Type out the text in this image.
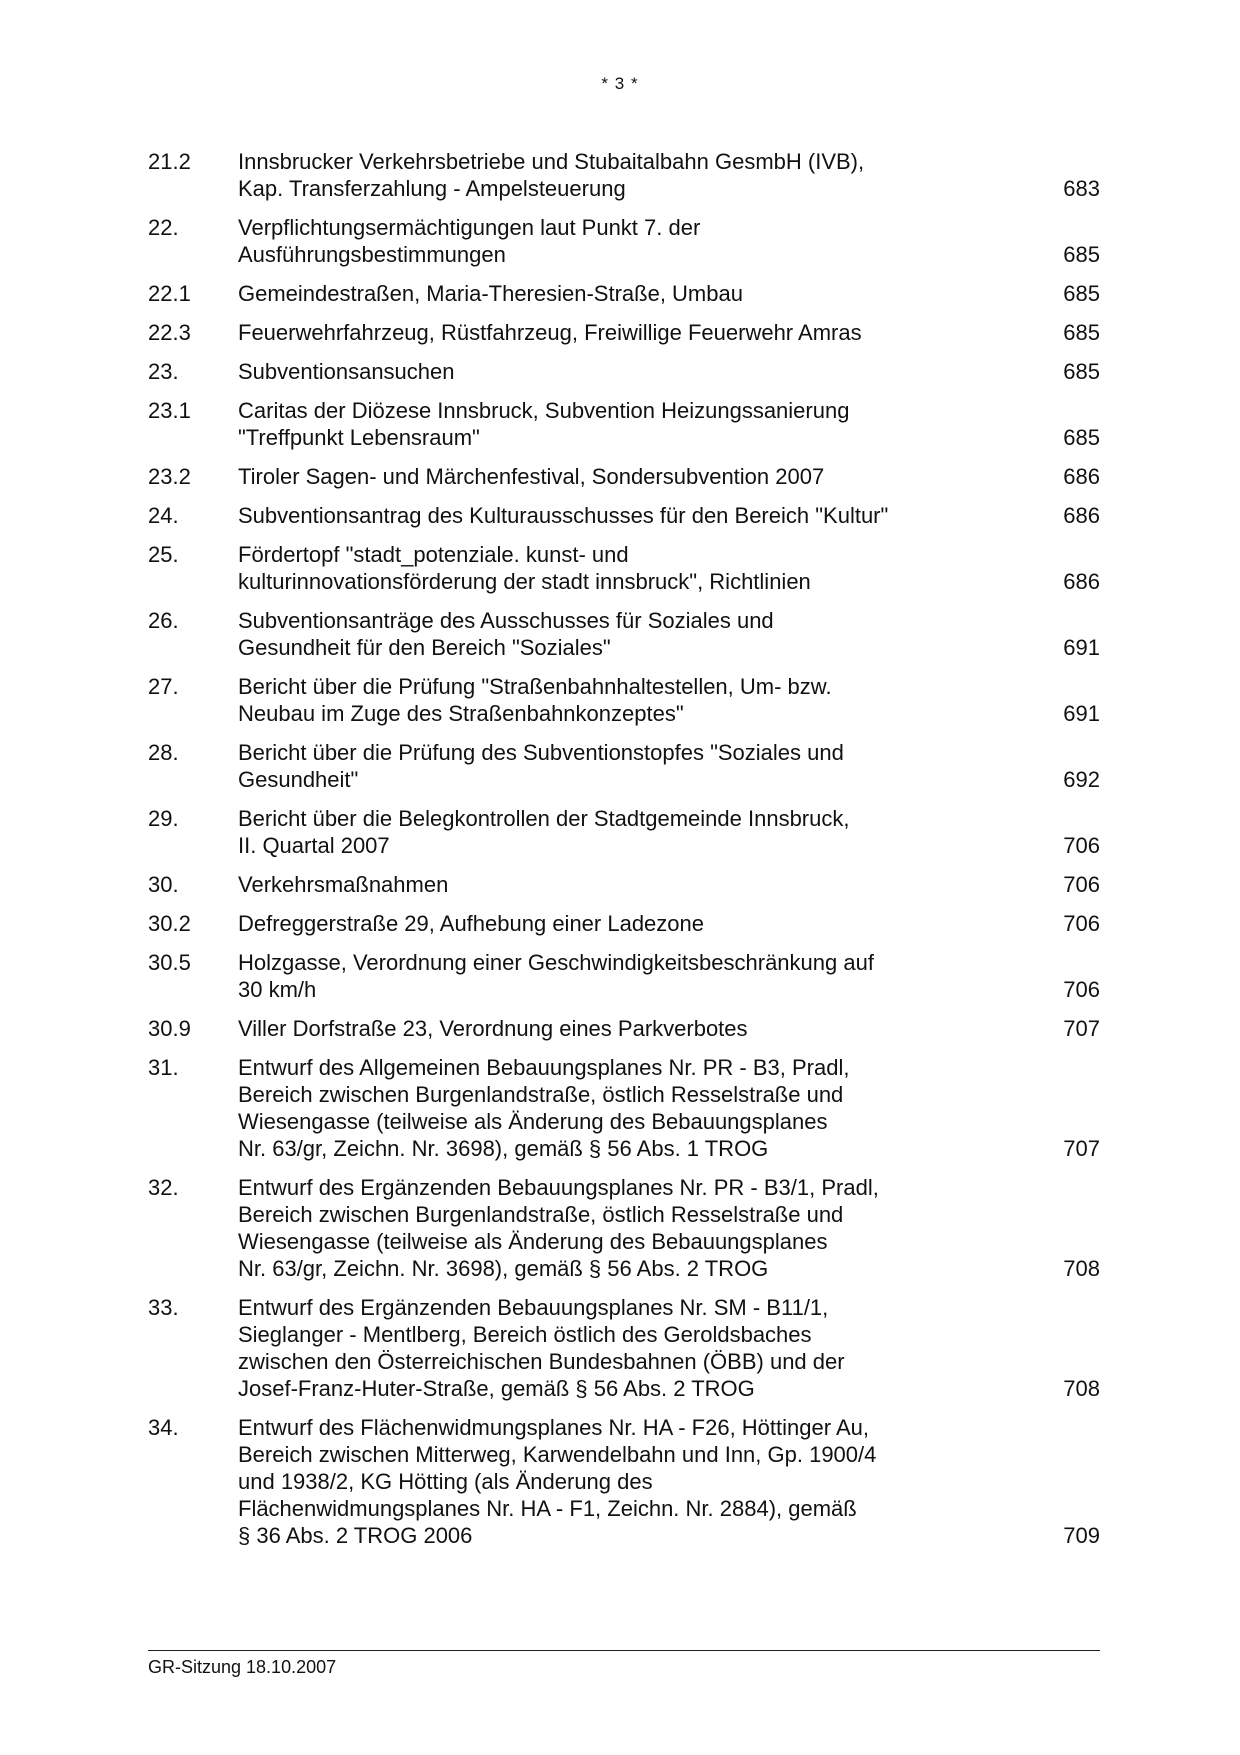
* 3 *
21.2	Innsbrucker Verkehrsbetriebe und Stubaitalbahn GesmbH (IVB),
Kap. Transferzahlung - Ampelsteuerung	683
22.	Verpflichtungsermächtigungen laut Punkt 7. der
Ausführungsbestimmungen	685
22.1	Gemeindestraßen, Maria-Theresien-Straße, Umbau	685
22.3	Feuerwehrfahrzeug, Rüstfahrzeug, Freiwillige Feuerwehr Amras	685
23.	Subventionsansuchen	685
23.1	Caritas der Diözese Innsbruck, Subvention Heizungssanierung
"Treffpunkt Lebensraum"	685
23.2	Tiroler Sagen- und Märchenfestival, Sondersubvention 2007	686
24.	Subventionsantrag des Kulturausschusses für den Bereich "Kultur"	686
25.	Fördertopf "stadt_potenziale. kunst- und
kulturinnovationsförderung der stadt innsbruck", Richtlinien	686
26.	Subventionsanträge des Ausschusses für Soziales und
Gesundheit für den Bereich "Soziales"	691
27.	Bericht über die Prüfung "Straßenbahnhaltestellen, Um- bzw.
Neubau im Zuge des Straßenbahnkonzeptes"	691
28.	Bericht über die Prüfung des Subventionstopfes "Soziales und
Gesundheit"	692
29.	Bericht über die Belegkontrollen der Stadtgemeinde Innsbruck,
II. Quartal 2007	706
30.	Verkehrsmaßnahmen	706
30.2	Defreggerstraße 29, Aufhebung einer Ladezone	706
30.5	Holzgasse, Verordnung einer Geschwindigkeitsbeschränkung auf
30 km/h	706
30.9	Viller Dorfstraße 23, Verordnung eines Parkverbotes	707
31.	Entwurf des Allgemeinen Bebauungsplanes Nr. PR - B3, Pradl,
Bereich zwischen Burgenlandstraße, östlich Resselstraße und
Wiesengasse (teilweise als Änderung des Bebauungsplanes
Nr. 63/gr, Zeichn. Nr. 3698), gemäß § 56 Abs. 1 TROG	707
32.	Entwurf des Ergänzenden Bebauungsplanes Nr. PR - B3/1, Pradl,
Bereich zwischen Burgenlandstraße, östlich Resselstraße und
Wiesengasse (teilweise als Änderung des Bebauungsplanes
Nr. 63/gr, Zeichn. Nr. 3698), gemäß § 56 Abs. 2 TROG	708
33.	Entwurf des Ergänzenden Bebauungsplanes Nr. SM - B11/1,
Sieglanger - Mentlberg, Bereich östlich des Geroldsbaches
zwischen den Österreichischen Bundesbahnen (ÖBB) und der
Josef-Franz-Huter-Straße, gemäß § 56 Abs. 2 TROG	708
34.	Entwurf des Flächenwidmungsplanes Nr. HA - F26, Höttinger Au,
Bereich zwischen Mitterweg, Karwendelbahn und Inn, Gp. 1900/4
und 1938/2, KG Hötting (als Änderung des
Flächenwidmungsplanes Nr. HA - F1, Zeichn. Nr. 2884), gemäß
§ 36 Abs. 2 TROG 2006	709
GR-Sitzung 18.10.2007
